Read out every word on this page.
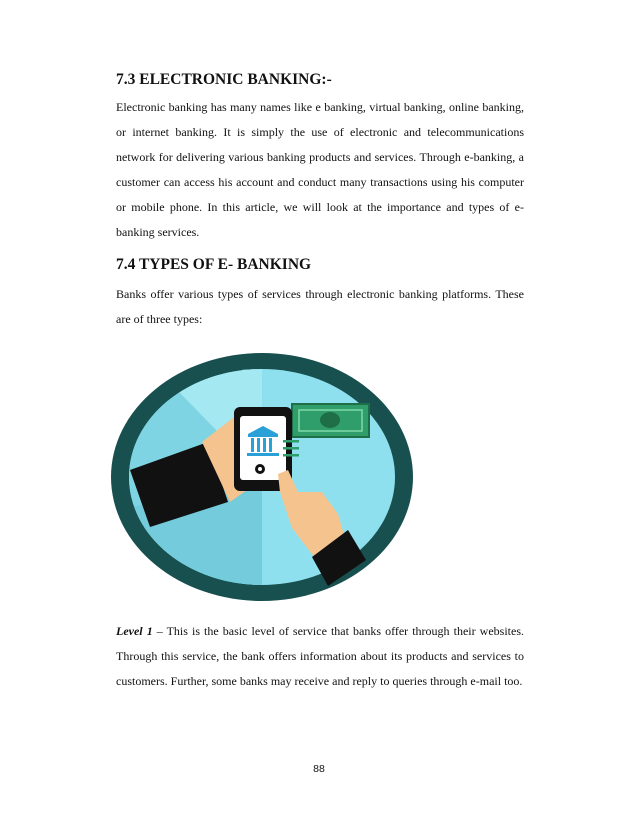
7.3 ELECTRONIC BANKING:-

Electronic banking has many names like e banking, virtual banking, online banking, or internet banking. It is simply the use of electronic and telecommunications network for delivering various banking products and services. Through e-banking, a customer can access his account and conduct many transactions using his computer or mobile phone. In this article, we will look at the importance and types of e-banking services.

7.4 TYPES OF E- BANKING

Banks offer various types of services through electronic banking platforms. These are of three types:

Level 1 – This is the basic level of service that banks offer through their websites. Through this service, the bank offers information about its products and services to customers. Further, some banks may receive and reply to queries through e-mail too.

88
